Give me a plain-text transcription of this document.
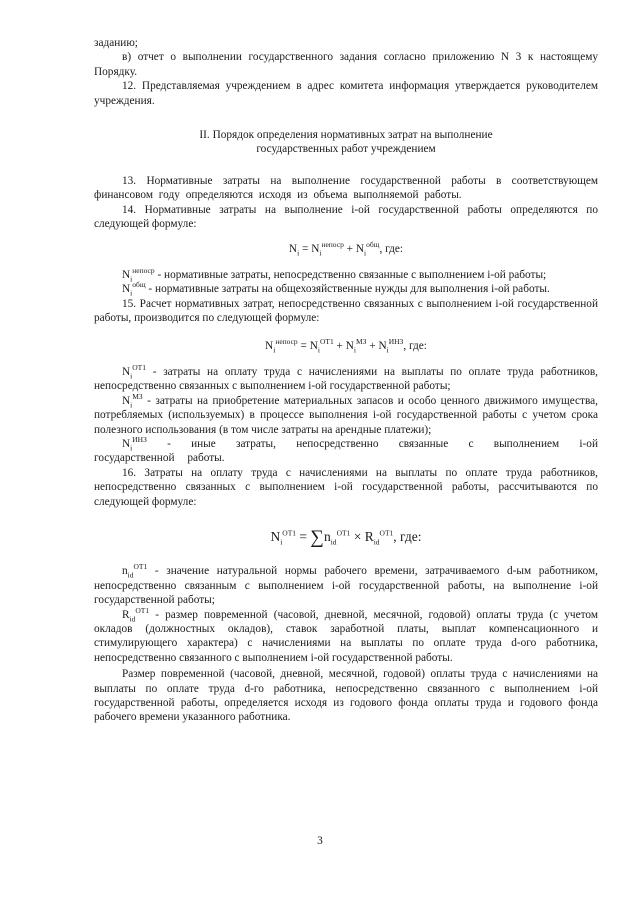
заданию;

в) отчет о выполнении государственного задания согласно приложению N 3 к настоящему Порядку.

12. Представляемая учреждением в адрес комитета информация утверждается руководителем учреждения.

II. Порядок определения нормативных затрат на выполнение
государственных работ учреждением

13. Нормативные затраты на выполнение государственной работы в соответствующем финансовом году определяются исходя из объема выполняемой работы.

14. Нормативные затраты на выполнение i-ой государственной работы определяются по следующей формуле:

$N_i = N_i^{непоср} + N_i^{общ}$, где:

$N_i^{непоср}$ - нормативные затраты, непосредственно связанные с выполнением i-ой работы;

$N_i^{общ}$ - нормативные затраты на общехозяйственные нужды для выполнения i-ой работы.

15. Расчет нормативных затрат, непосредственно связанных с выполнением i-ой государственной работы, производится по следующей формуле:

$N_i^{непоср} = N_i^{ОТ1} + N_i^{МЗ} + N_i^{ИНЗ}$, где:

$N_i^{ОТ1}$ - затраты на оплату труда с начислениями на выплаты по оплате труда работников, непосредственно связанных с выполнением i-ой государственной работы;

$N_i^{МЗ}$ - затраты на приобретение материальных запасов и особо ценного движимого имущества, потребляемых (используемых) в процессе выполнения i-ой государственной работы с учетом срока полезного использования (в том числе затраты на арендные платежи);

$N_i^{ИНЗ}$ - иные затраты, непосредственно связанные с выполнением i-ой государственной работы.

16. Затраты на оплату труда с начислениями на выплаты по оплате труда работников, непосредственно связанных с выполнением i-ой государственной работы, рассчитываются по следующей формуле:

$N_i^{ОТ1} = \sum n_{id}^{ОТ1} \times R_{id}^{ОТ1}$, где:

$n_{id}^{ОТ1}$ - значение натуральной нормы рабочего времени, затрачиваемого d-ым работником, непосредственно связанным с выполнением i-ой государственной работы, на выполнение i-ой государственной работы;

$R_{id}^{ОТ1}$ - размер повременной (часовой, дневной, месячной, годовой) оплаты труда (с учетом окладов (должностных окладов), ставок заработной платы, выплат компенсационного и стимулирующего характера) с начислениями на выплаты по оплате труда d-ого работника, непосредственно связанного с выполнением i-ой государственной работы.

Размер повременной (часовой, дневной, месячной, годовой) оплаты труда с начислениями на выплаты по оплате труда d-го работника, непосредственно связанного с выполнением i-ой государственной работы, определяется исходя из годового фонда оплаты труда и годового фонда рабочего времени указанного работника.

3
